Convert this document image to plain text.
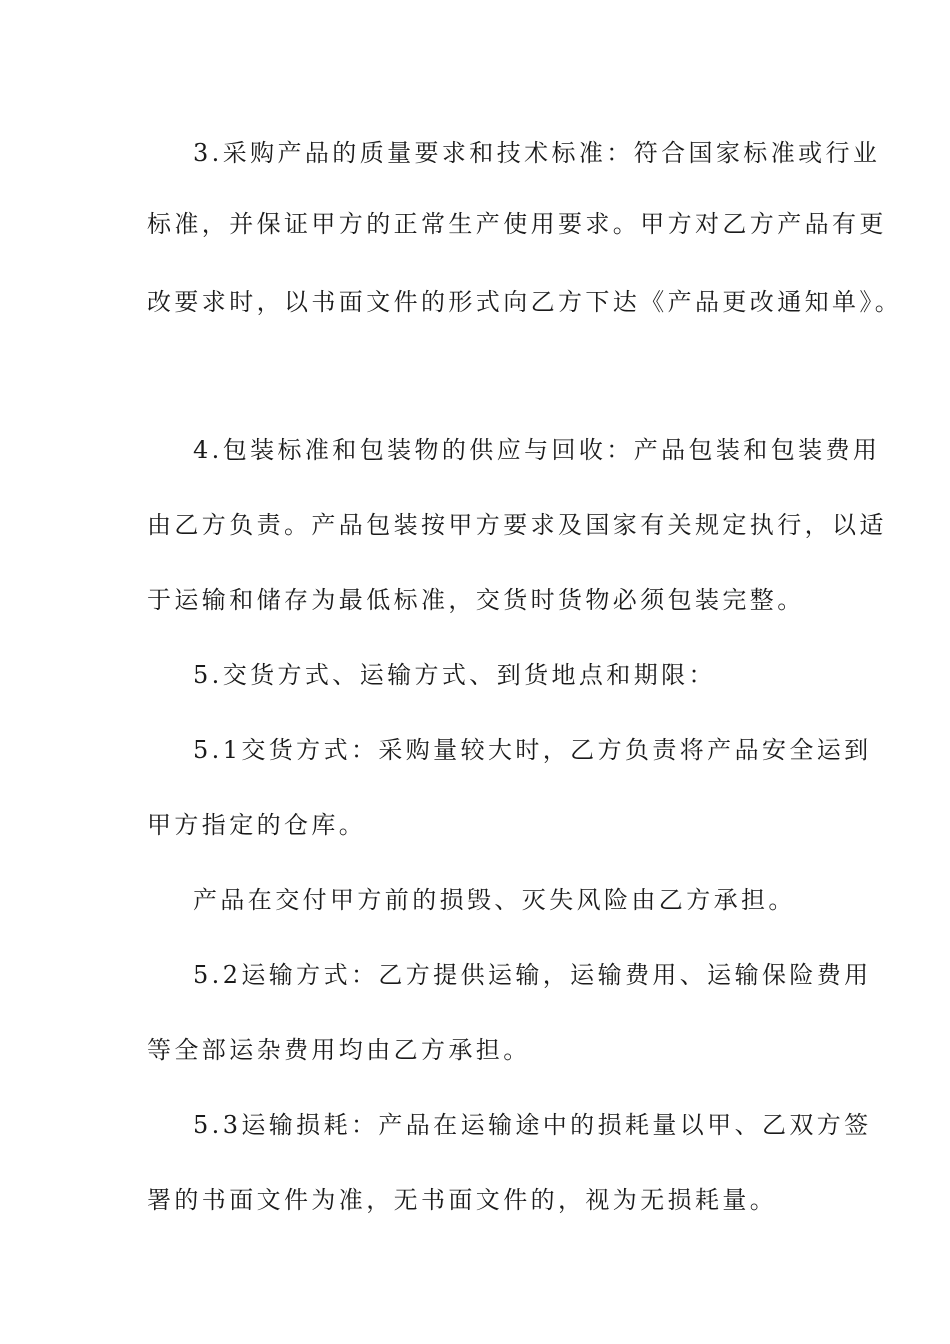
3.采购产品的质量要求和技术标准：符合国家标准或行业
标准，并保证甲方的正常生产使用要求。甲方对乙方产品有更
改要求时，以书面文件的形式向乙方下达《产品更改通知单》。
4.包装标准和包装物的供应与回收：产品包装和包装费用
由乙方负责。产品包装按甲方要求及国家有关规定执行，以适
于运输和储存为最低标准，交货时货物必须包装完整。
5.交货方式、运输方式、到货地点和期限：
5.1交货方式：采购量较大时，乙方负责将产品安全运到
甲方指定的仓库。
产品在交付甲方前的损毁、灭失风险由乙方承担。
5.2运输方式：乙方提供运输，运输费用、运输保险费用
等全部运杂费用均由乙方承担。
5.3运输损耗：产品在运输途中的损耗量以甲、乙双方签
署的书面文件为准，无书面文件的，视为无损耗量。
